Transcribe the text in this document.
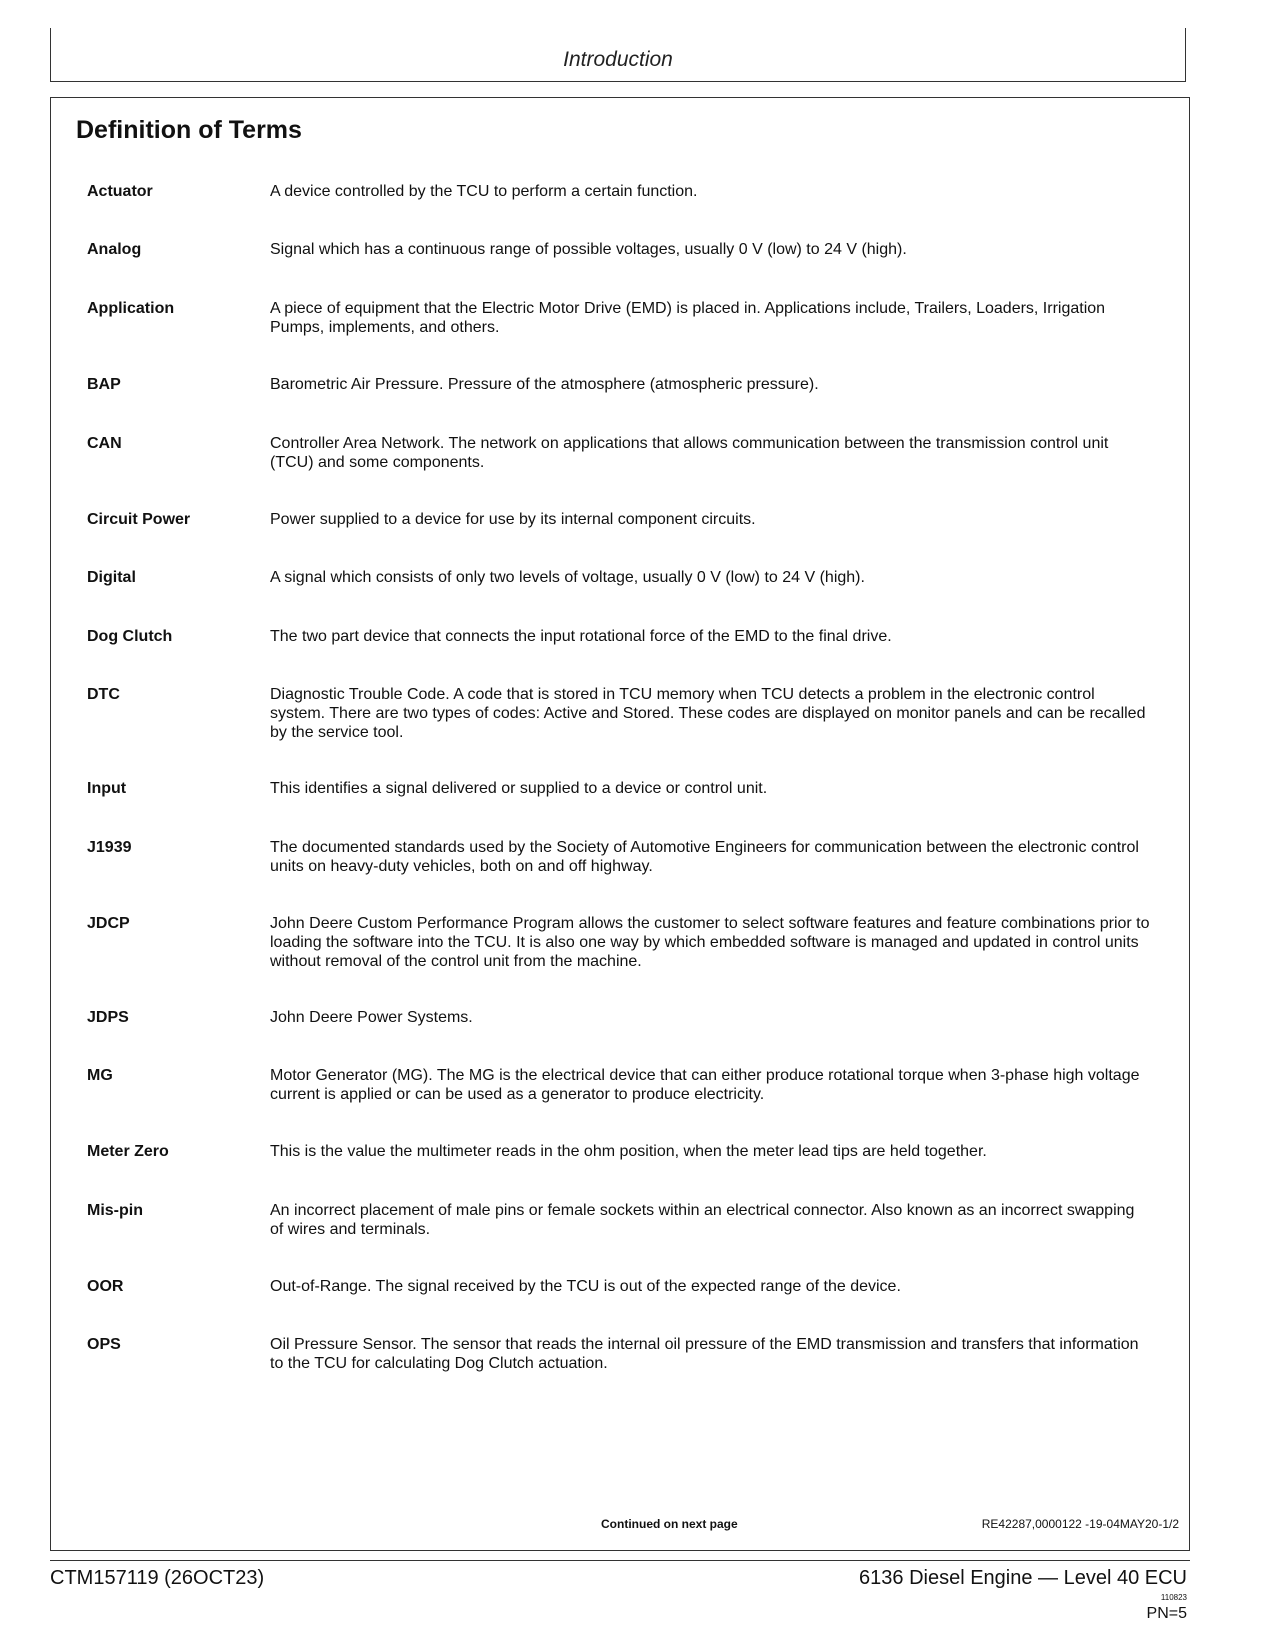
Introduction
Definition of Terms
Actuator	A device controlled by the TCU to perform a certain function.
Analog	Signal which has a continuous range of possible voltages, usually 0 V (low) to 24 V (high).
Application	A piece of equipment that the Electric Motor Drive (EMD) is placed in. Applications include, Trailers, Loaders, Irrigation Pumps, implements, and others.
BAP	Barometric Air Pressure. Pressure of the atmosphere (atmospheric pressure).
CAN	Controller Area Network. The network on applications that allows communication between the transmission control unit (TCU) and some components.
Circuit Power	Power supplied to a device for use by its internal component circuits.
Digital	A signal which consists of only two levels of voltage, usually 0 V (low) to 24 V (high).
Dog Clutch	The two part device that connects the input rotational force of the EMD to the final drive.
DTC	Diagnostic Trouble Code. A code that is stored in TCU memory when TCU detects a problem in the electronic control system. There are two types of codes: Active and Stored. These codes are displayed on monitor panels and can be recalled by the service tool.
Input	This identifies a signal delivered or supplied to a device or control unit.
J1939	The documented standards used by the Society of Automotive Engineers for communication between the electronic control units on heavy-duty vehicles, both on and off highway.
JDCP	John Deere Custom Performance Program allows the customer to select software features and feature combinations prior to loading the software into the TCU. It is also one way by which embedded software is managed and updated in control units without removal of the control unit from the machine.
JDPS	John Deere Power Systems.
MG	Motor Generator (MG). The MG is the electrical device that can either produce rotational torque when 3-phase high voltage current is applied or can be used as a generator to produce electricity.
Meter Zero	This is the value the multimeter reads in the ohm position, when the meter lead tips are held together.
Mis-pin	An incorrect placement of male pins or female sockets within an electrical connector. Also known as an incorrect swapping of wires and terminals.
OOR	Out-of-Range. The signal received by the TCU is out of the expected range of the device.
OPS	Oil Pressure Sensor. The sensor that reads the internal oil pressure of the EMD transmission and transfers that information to the TCU for calculating Dog Clutch actuation.
Continued on next page	RE42287,0000122 -19-04MAY20-1/2
CTM157119 (26OCT23)	6136 Diesel Engine — Level 40 ECU
110823
PN=5
